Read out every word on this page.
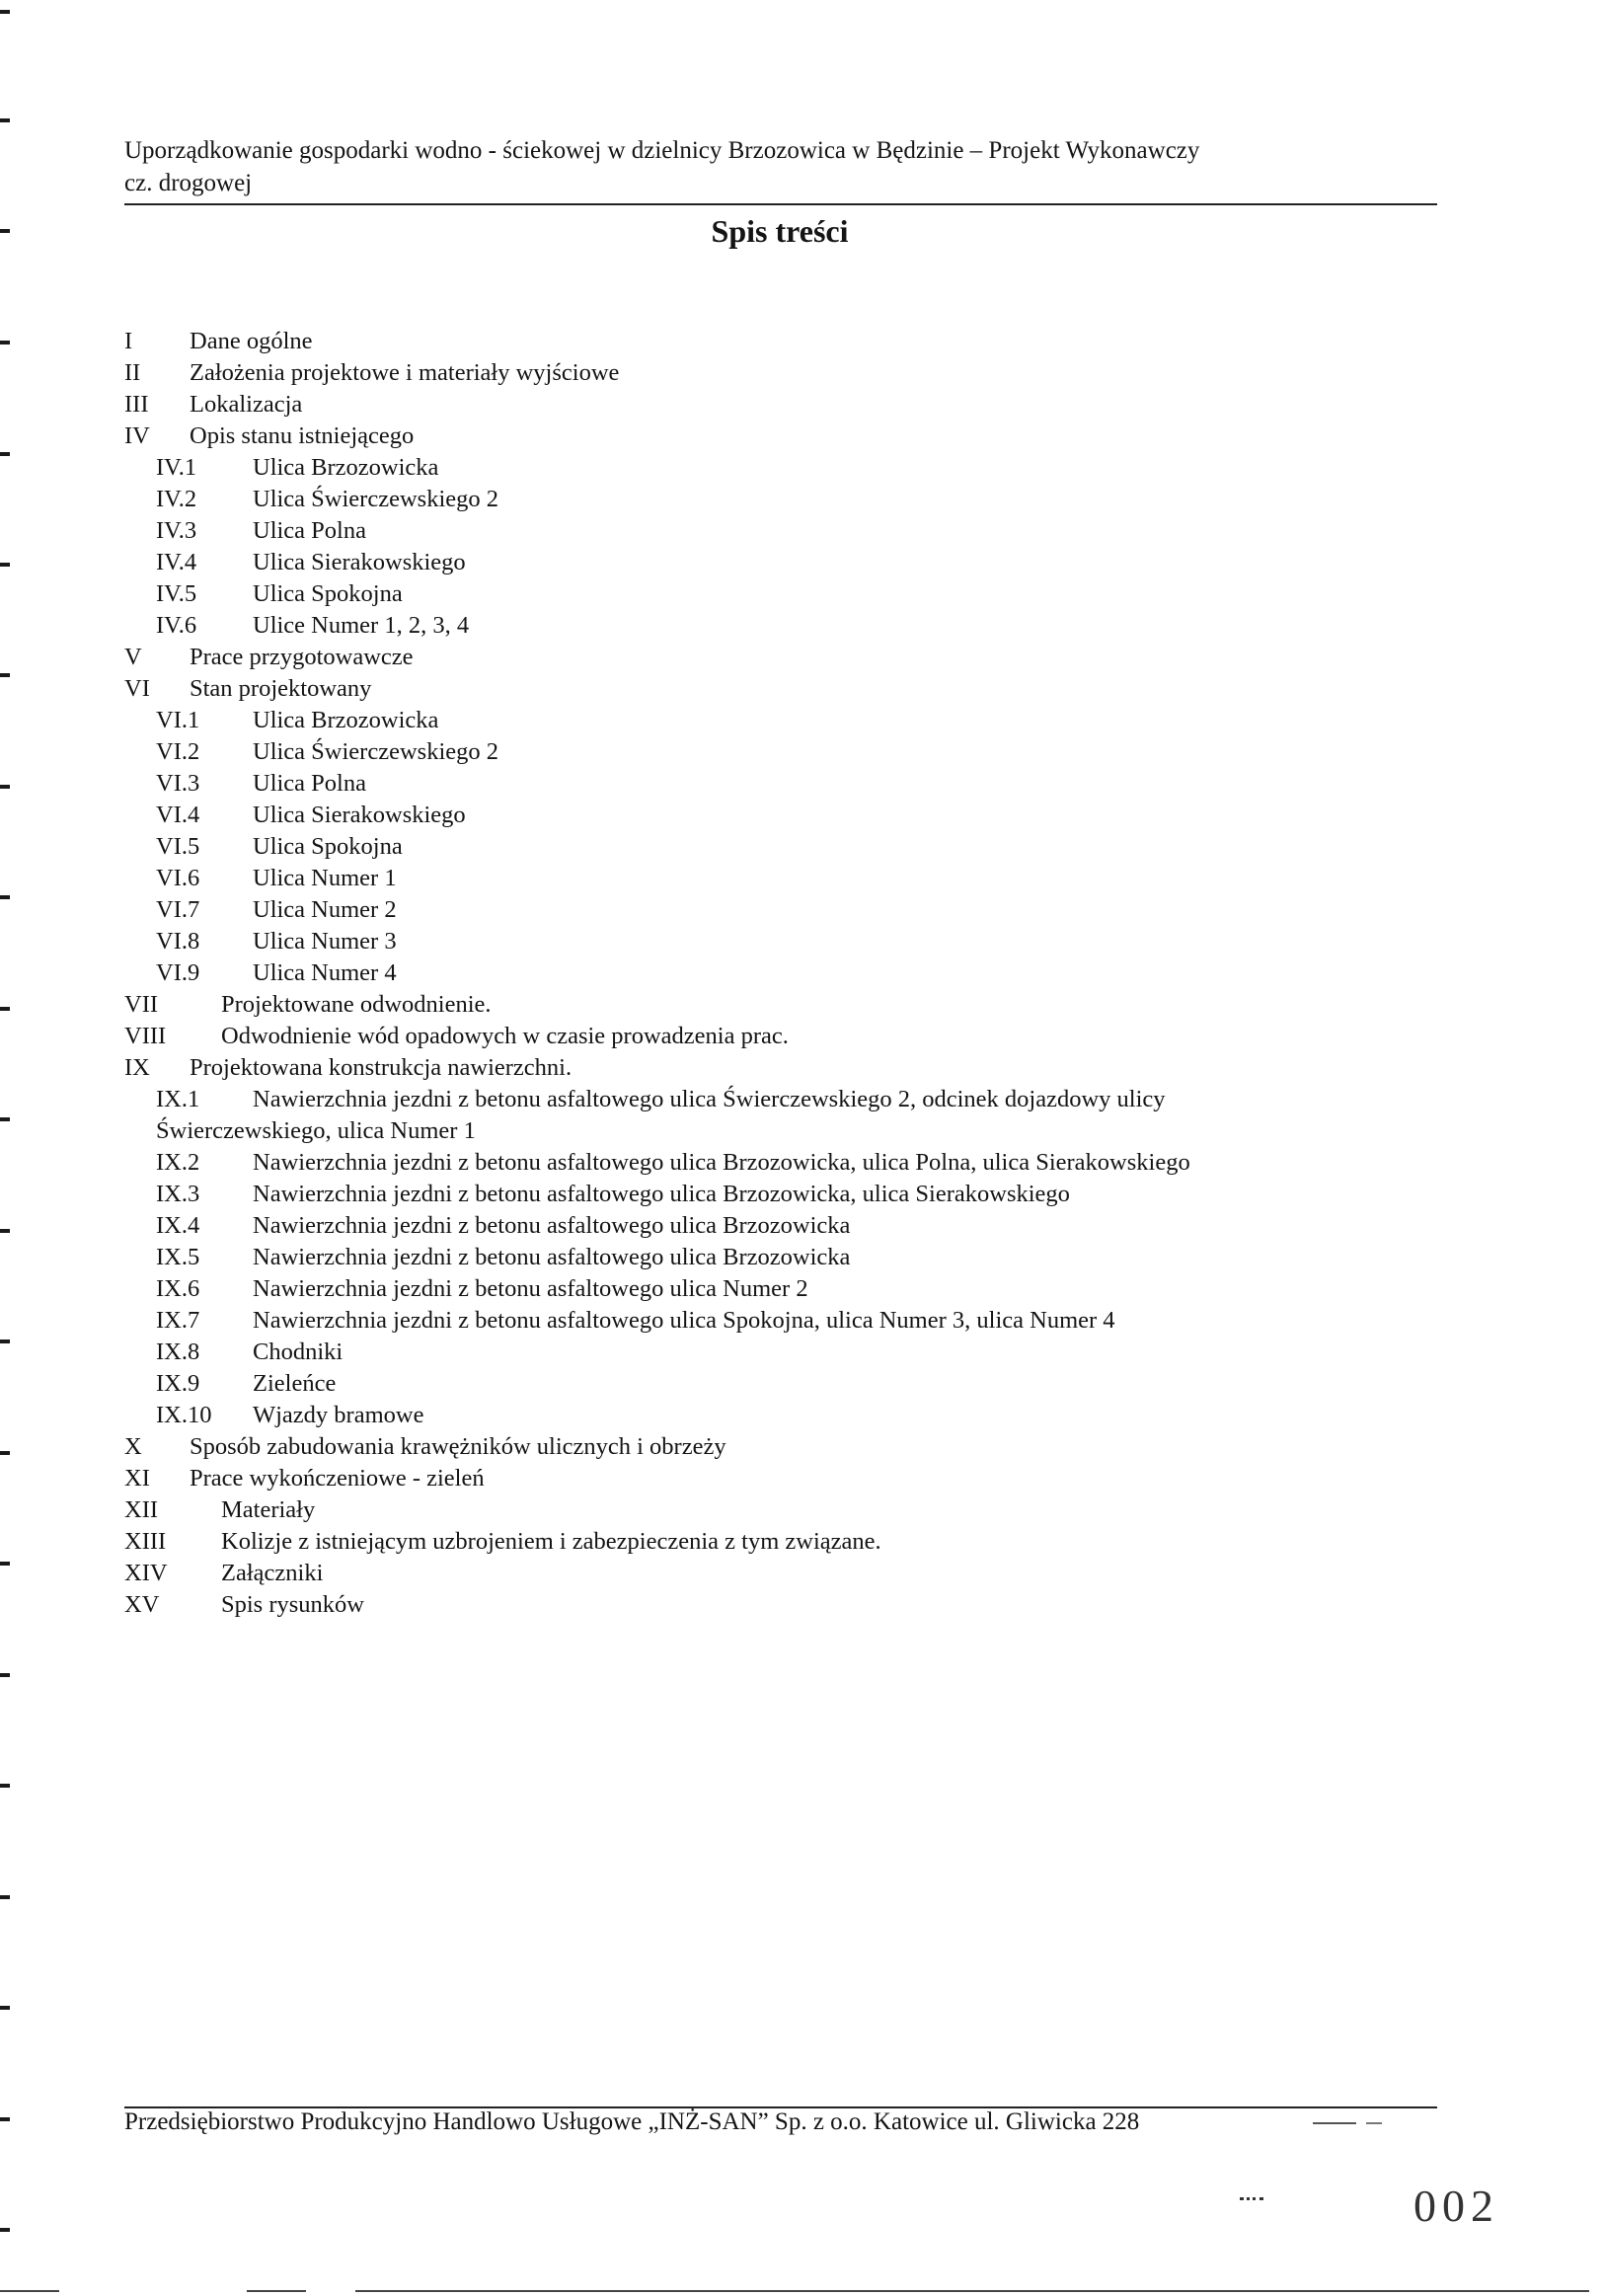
Uporządkowanie gospodarki wodno - ściekowej w dzielnicy Brzozowica w Będzinie – Projekt Wykonawczy
cz. drogowej
Spis treści
I Dane ogólne
II Założenia projektowe i materiały wyjściowe
III Lokalizacja
IV Opis stanu istniejącego
IV.1 Ulica Brzozowicka
IV.2 Ulica Świerczewskiego 2
IV.3 Ulica Polna
IV.4 Ulica Sierakowskiego
IV.5 Ulica Spokojna
IV.6 Ulice Numer 1, 2, 3, 4
V Prace przygotowawcze
VI Stan projektowany
VI.1 Ulica Brzozowicka
VI.2 Ulica Świerczewskiego 2
VI.3 Ulica Polna
VI.4 Ulica Sierakowskiego
VI.5 Ulica Spokojna
VI.6 Ulica Numer 1
VI.7 Ulica Numer 2
VI.8 Ulica Numer 3
VI.9 Ulica Numer 4
VII	Projektowane odwodnienie.
VIII Odwodnienie wód opadowych w czasie prowadzenia prac.
IX Projektowana konstrukcja nawierzchni.
IX.1 Nawierzchnia jezdni z betonu asfaltowego ulica Świerczewskiego 2, odcinek dojazdowy ulicy
Świerczewskiego, ulica Numer 1
IX.2 Nawierzchnia jezdni z betonu asfaltowego ulica Brzozowicka, ulica Polna, ulica Sierakowskiego
IX.3 Nawierzchnia jezdni z betonu asfaltowego ulica Brzozowicka, ulica Sierakowskiego
IX.4 Nawierzchnia jezdni z betonu asfaltowego ulica Brzozowicka
IX.5 Nawierzchnia jezdni z betonu asfaltowego ulica Brzozowicka
IX.6 Nawierzchnia jezdni z betonu asfaltowego ulica Numer 2
IX.7 Nawierzchnia jezdni z betonu asfaltowego ulica Spokojna, ulica Numer 3, ulica Numer 4
IX.8 Chodniki
IX.9 Zieleńce
IX.10 Wjazdy bramowe
X Sposób zabudowania krawężników ulicznych i obrzeży
XI Prace wykończeniowe - zieleń
XII	Materiały
XIII Kolizje z istniejącym uzbrojeniem i zabezpieczenia z tym związane.
XIV Załączniki
XV	Spis rysunków
Przedsiębiorstwo Produkcyjno Handlowo Usługowe „INŻ-SAN” Sp. z o.o. Katowice ul. Gliwicka 228
002
